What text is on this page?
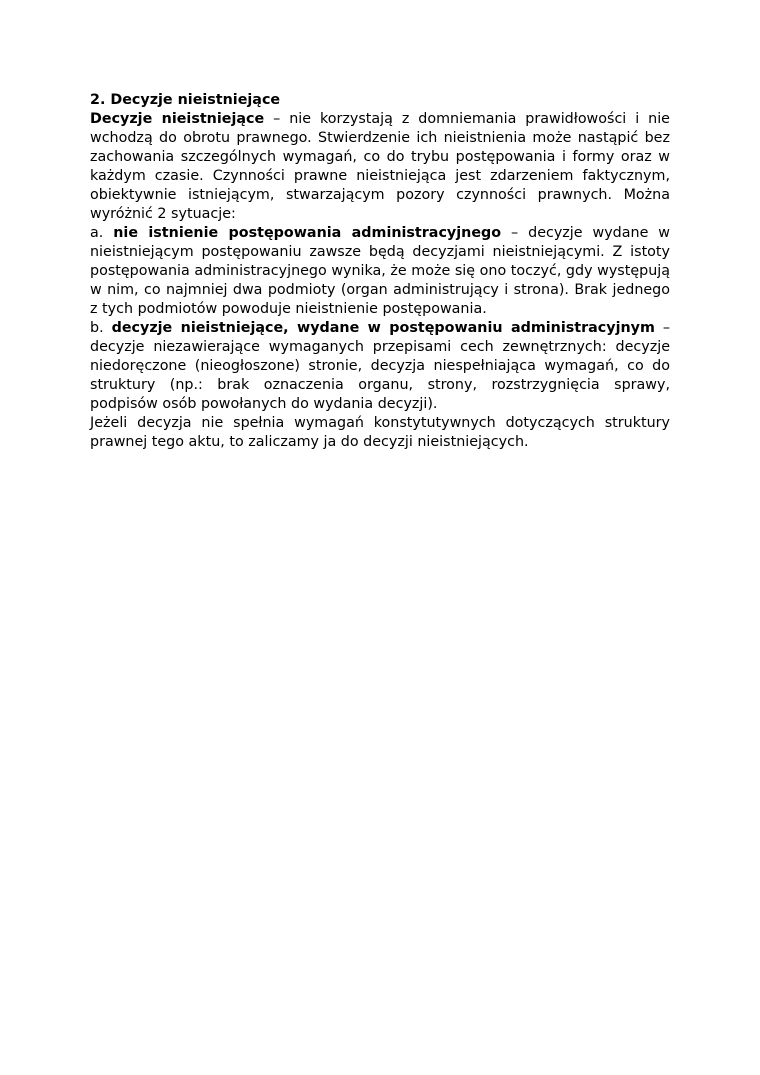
2. Decyzje nieistniejące

Decyzje nieistniejące – nie korzystają z domniemania prawidłowości i nie wchodzą do obrotu prawnego. Stwierdzenie ich nieistnienia może nastąpić bez zachowania szczególnych wymagań, co do trybu postępowania i formy oraz w każdym czasie. Czynności prawne nieistniejąca jest zdarzeniem faktycznym, obiektywnie istniejącym, stwarzającym pozory czynności prawnych. Można wyróżnić 2 sytuacje:

a. nie istnienie postępowania administracyjnego – decyzje wydane w nieistniejącym postępowaniu zawsze będą decyzjami nieistniejącymi. Z istoty postępowania administracyjnego wynika, że może się ono toczyć, gdy występują w nim, co najmniej dwa podmioty (organ administrujący i strona). Brak jednego z tych podmiotów powoduje nieistnienie postępowania.

b. decyzje nieistniejące, wydane w postępowaniu administracyjnym – decyzje niezawierające wymaganych przepisami cech zewnętrznych: decyzje niedoręczone (nieogłoszone) stronie, decyzja niespełniająca wymagań, co do struktury (np.: brak oznaczenia organu, strony, rozstrzygnięcia sprawy, podpisów osób powołanych do wydania decyzji).

Jeżeli decyzja nie spełnia wymagań konstytutywnych dotyczących struktury prawnej tego aktu, to zaliczamy ja do decyzji nieistniejących.
